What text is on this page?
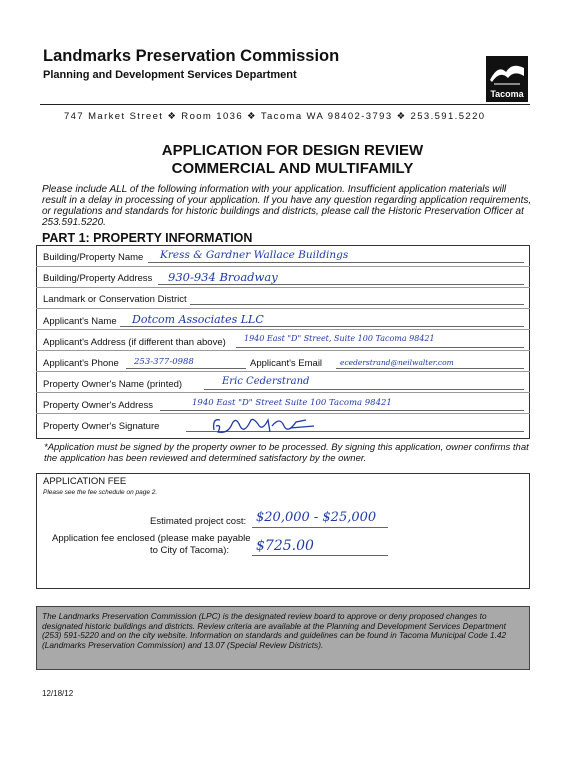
Landmarks Preservation Commission
Planning and Development Services Department
Tacoma
747 Market Street ❖ Room 1036 ❖ Tacoma WA 98402-3793 ❖ 253.591.5220
APPLICATION FOR DESIGN REVIEW
COMMERCIAL AND MULTIFAMILY
Please include ALL of the following information with your application. Insufficient application materials will result in a delay in processing of your application. If you have any question regarding application requirements, or regulations and standards for historic buildings and districts, please call the Historic Preservation Officer at 253.591.5220.
PART 1: PROPERTY INFORMATION
Building/Property Name Kress & Gardner Wallace Buildings
Building/Property Address 930-934 Broadway
Landmark or Conservation District
Applicant's Name Dotcom Associates LLC
Applicant's Address (if different than above) 1940 East "D" Street, Suite 100 Tacoma 98421
Applicant's Phone 253-377-0988	Applicant's Email ecederstrand@neilwalter.com
Property Owner's Name (printed)	Eric Cederstrand
Property Owner's Address	1940 East "D" Street Suite 100 Tacoma 98421
Property Owner's Signature
*Application must be signed by the property owner to be processed. By signing this application, owner confirms that the application has been reviewed and determined satisfactory by the owner.
APPLICATION FEE
Please see the fee schedule on page 2.
Estimated project cost: $20,000 - $25,000
Application fee enclosed (please make payable
to City of Tacoma): $725.00
The Landmarks Preservation Commission (LPC) is the designated review board to approve or deny proposed changes to designated historic buildings and districts. Review criteria are available at the Planning and Development Services Department (253) 591-5220 and on the city website. Information on standards and guidelines can be found in Tacoma Municipal Code 1.42 (Landmarks Preservation Commission) and 13.07 (Special Review Districts).
12/18/12
